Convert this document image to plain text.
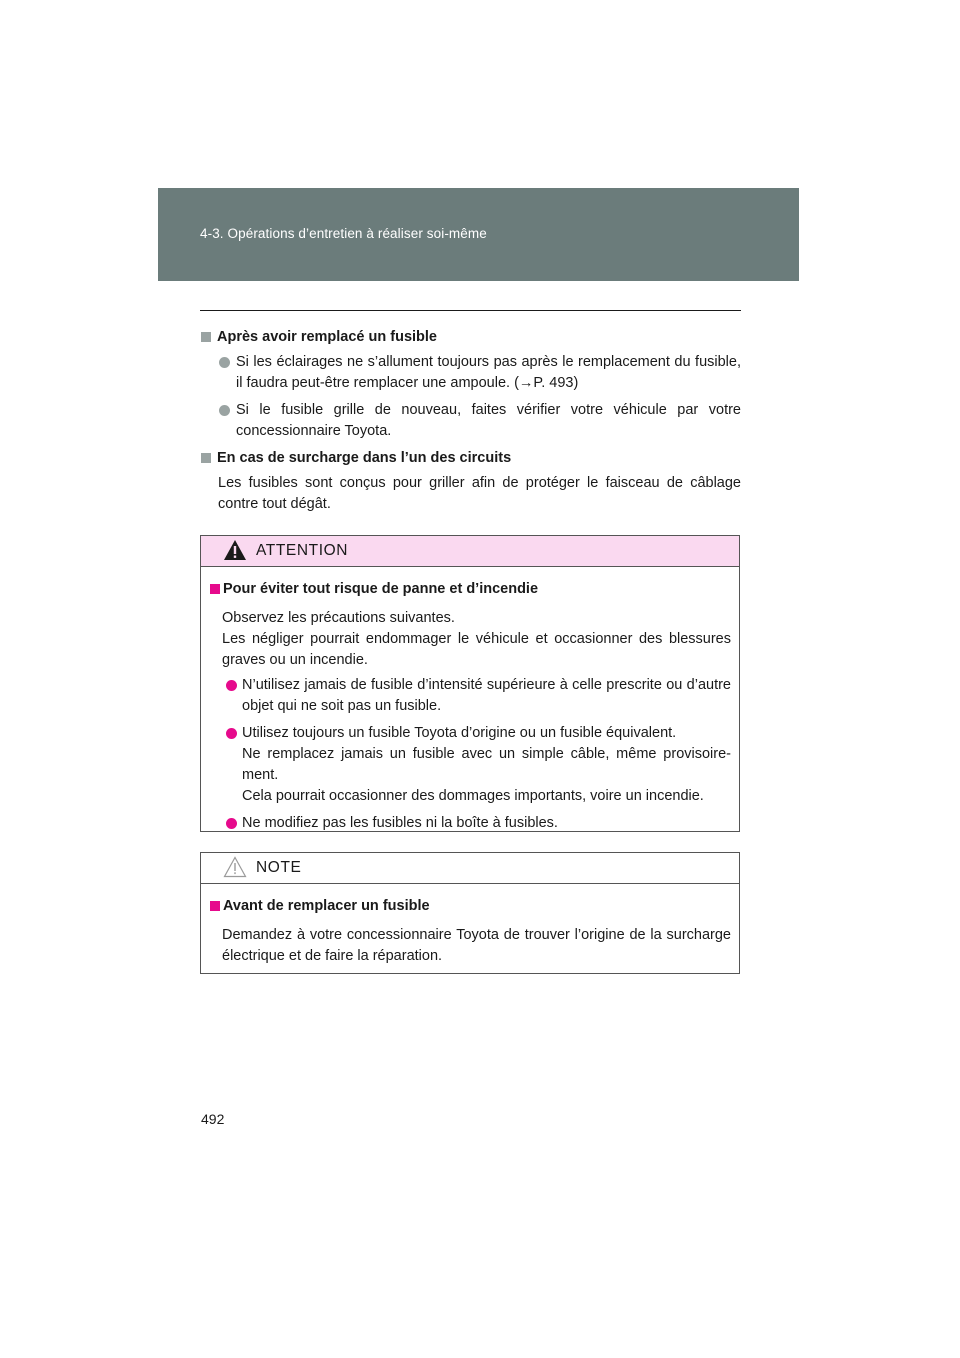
4-3. Opérations d’entretien à réaliser soi-même
Après avoir remplacé un fusible
Si les éclairages ne s’allument toujours pas après le remplacement du fusible, il faudra peut-être remplacer une ampoule. (→P. 493)
Si le fusible grille de nouveau, faites vérifier votre véhicule par votre concessionnaire Toyota.
En cas de surcharge dans l’un des circuits
Les fusibles sont conçus pour griller afin de protéger le faisceau de câblage contre tout dégât.
ATTENTION
Pour éviter tout risque de panne et d’incendie
Observez les précautions suivantes.
Les négliger pourrait endommager le véhicule et occasionner des blessures graves ou un incendie.
N’utilisez jamais de fusible d’intensité supérieure à celle prescrite ou d’autre objet qui ne soit pas un fusible.
Utilisez toujours un fusible Toyota d’origine ou un fusible équivalent.
Ne remplacez jamais un fusible avec un simple câble, même provisoire-ment.
Cela pourrait occasionner des dommages importants, voire un incendie.
Ne modifiez pas les fusibles ni la boîte à fusibles.
NOTE
Avant de remplacer un fusible
Demandez à votre concessionnaire Toyota de trouver l’origine de la surcharge électrique et de faire la réparation.
492
